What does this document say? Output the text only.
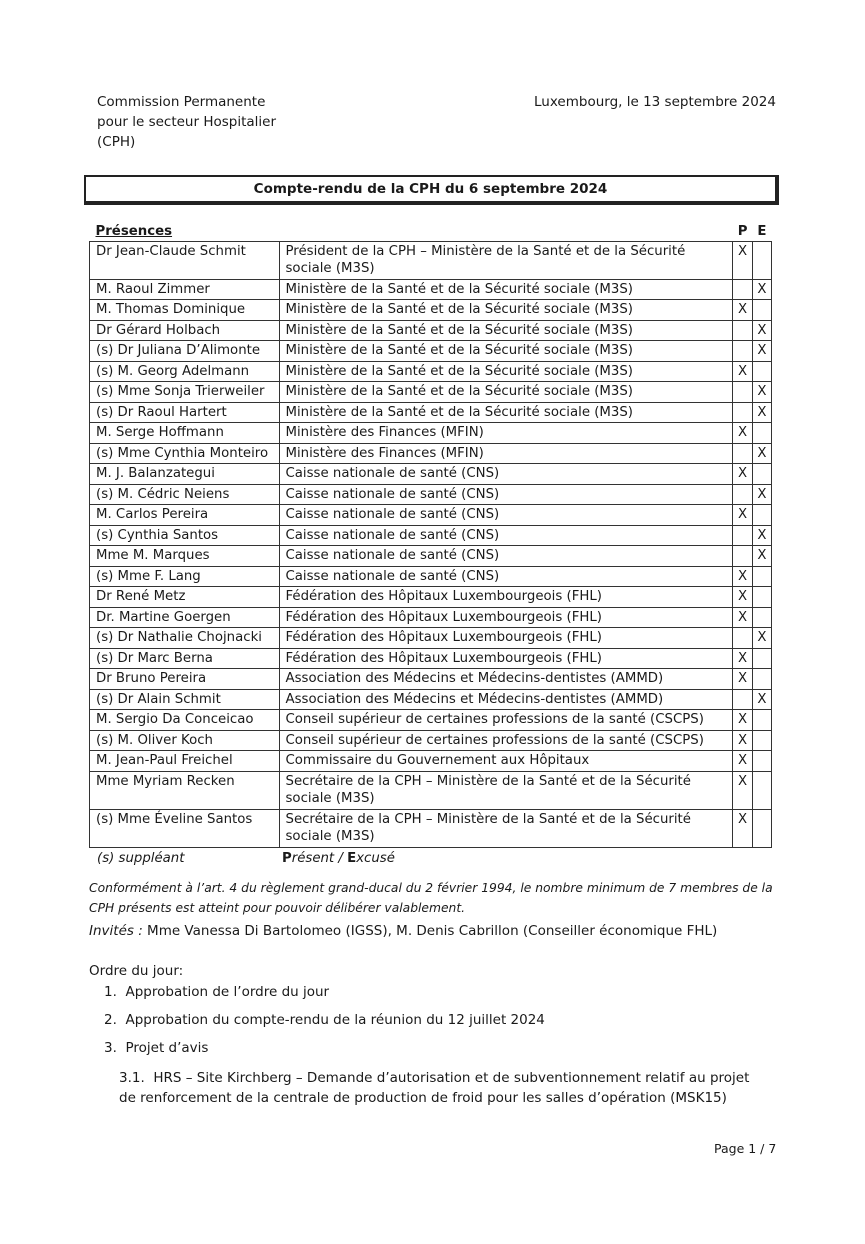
Commission Permanente
pour le secteur Hospitalier
(CPH)
Luxembourg, le 13 septembre 2024
Compte-rendu de la CPH du 6 septembre 2024
Présences		P	E
Dr Jean-Claude Schmit	Président de la CPH – Ministère de la Santé et de la Sécurité sociale (M3S)	X	
M. Raoul Zimmer	Ministère de la Santé et de la Sécurité sociale (M3S)		X
M. Thomas Dominique	Ministère de la Santé et de la Sécurité sociale (M3S)	X	
Dr Gérard Holbach	Ministère de la Santé et de la Sécurité sociale (M3S)		X
(s) Dr Juliana D’Alimonte	Ministère de la Santé et de la Sécurité sociale (M3S)		X
(s) M. Georg Adelmann	Ministère de la Santé et de la Sécurité sociale (M3S)	X	
(s) Mme Sonja Trierweiler	Ministère de la Santé et de la Sécurité sociale (M3S)		X
(s) Dr Raoul Hartert	Ministère de la Santé et de la Sécurité sociale (M3S)		X
M. Serge Hoffmann	Ministère des Finances (MFIN)	X	
(s) Mme Cynthia Monteiro	Ministère des Finances (MFIN)		X
M. J. Balanzategui	Caisse nationale de santé (CNS)	X	
(s) M. Cédric Neiens	Caisse nationale de santé (CNS)		X
M. Carlos Pereira	Caisse nationale de santé (CNS)	X	
(s) Cynthia Santos	Caisse nationale de santé (CNS)		X
Mme M. Marques	Caisse nationale de santé (CNS)		X
(s) Mme F. Lang	Caisse nationale de santé (CNS)	X	
Dr René Metz	Fédération des Hôpitaux Luxembourgeois (FHL)	X	
Dr. Martine Goergen	Fédération des Hôpitaux Luxembourgeois (FHL)	X	
(s) Dr Nathalie Chojnacki	Fédération des Hôpitaux Luxembourgeois (FHL)		X
(s) Dr Marc Berna	Fédération des Hôpitaux Luxembourgeois (FHL)	X	
Dr Bruno Pereira	Association des Médecins et Médecins-dentistes (AMMD)	X	
(s) Dr Alain Schmit	Association des Médecins et Médecins-dentistes (AMMD)		X
M. Sergio Da Conceicao	Conseil supérieur de certaines professions de la santé (CSCPS)	X	
(s) M. Oliver Koch	Conseil supérieur de certaines professions de la santé (CSCPS)	X	
M. Jean-Paul Freichel	Commissaire du Gouvernement aux Hôpitaux	X	
Mme Myriam Recken	Secrétaire de la CPH – Ministère de la Santé et de la Sécurité sociale (M3S)	X	
(s) Mme Éveline Santos	Secrétaire de la CPH – Ministère de la Santé et de la Sécurité sociale (M3S)	X	
(s) suppléant	Présent / Excusé
Conformément à l’art. 4 du règlement grand-ducal du 2 février 1994, le nombre minimum de 7 membres de la CPH présents est atteint pour pouvoir délibérer valablement.
Invités : Mme Vanessa Di Bartolomeo (IGSS), M. Denis Cabrillon (Conseiller économique FHL)
Ordre du jour:
1. Approbation de l’ordre du jour
2. Approbation du compte-rendu de la réunion du 12 juillet 2024
3. Projet d’avis
3.1. HRS – Site Kirchberg – Demande d’autorisation et de subventionnement relatif au projet de renforcement de la centrale de production de froid pour les salles d’opération (MSK15)
Page 1 / 7
